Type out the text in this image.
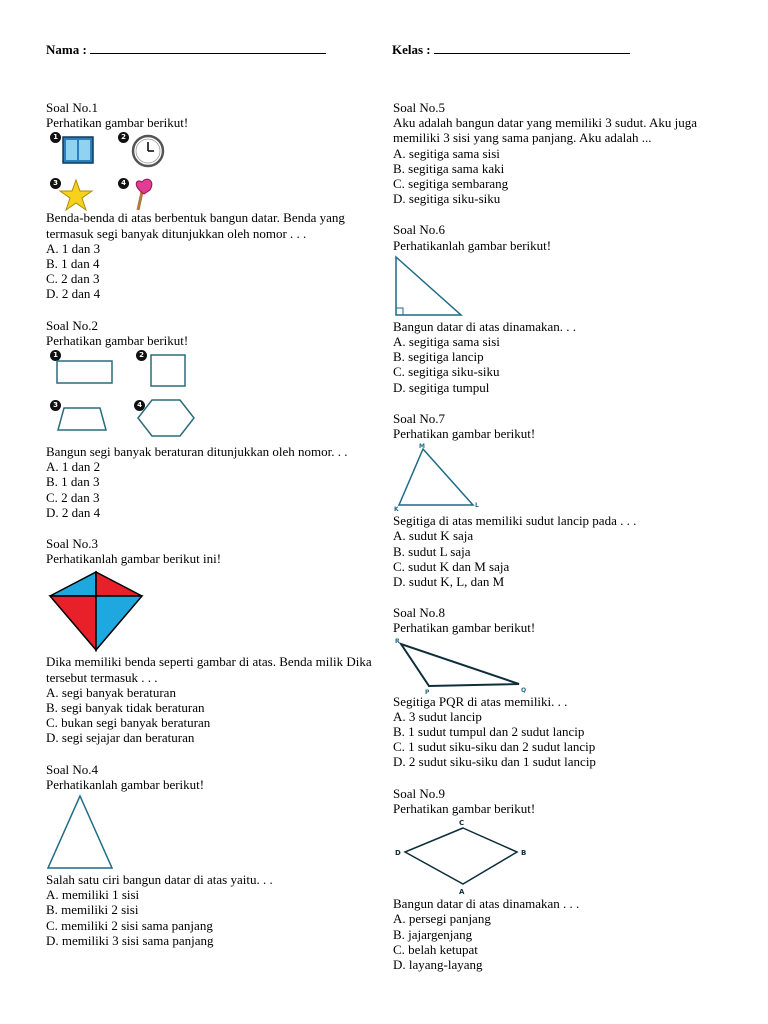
Nama :	Kelas :

Soal No.1

Perhatikan gambar berikut!

1	2
3	4

Benda-benda di atas berbentuk bangun datar. Benda yang termasuk segi banyak ditunjukkan oleh nomor . . .

A. 1 dan 3
B. 1 dan 4
C. 2 dan 3
D. 2 dan 4

Soal No.2

Perhatikan gambar berikut!

1	2
3	4

Bangun segi banyak beraturan ditunjukkan oleh nomor. . .

A. 1 dan 2
B. 1 dan 3
C. 2 dan 3
D. 2 dan 4

Soal No.3

Perhatikanlah gambar berikut ini!

Dika memiliki benda seperti gambar di atas. Benda milik Dika tersebut termasuk . . .

A. segi banyak beraturan
B. segi banyak tidak beraturan
C. bukan segi banyak beraturan
D. segi sejajar dan beraturan

Soal No.4

Perhatikanlah gambar berikut!

Salah satu ciri bangun datar di atas yaitu. . .

A. memiliki 1 sisi
B. memiliki 2 sisi
C. memiliki 2 sisi sama panjang
D. memiliki 3 sisi sama panjang

Soal No.5

Aku adalah bangun datar yang memiliki 3 sudut. Aku juga memiliki 3 sisi yang sama panjang. Aku adalah ...

A. segitiga sama sisi
B. segitiga sama kaki
C. segitiga sembarang
D. segitiga siku-siku

Soal No.6

Perhatikanlah gambar berikut!

Bangun datar di atas dinamakan. . .

A. segitiga sama sisi
B. segitiga lancip
C. segitiga siku-siku
D. segitiga tumpul

Soal No.7

Perhatikan gambar berikut!

M
K
L

Segitiga di atas memiliki sudut lancip pada . . .

A. sudut K saja
B. sudut L saja
C. sudut K dan M saja
D. sudut K, L, dan M

Soal No.8

Perhatikan gambar berikut!

R
P	Q

Segitiga PQR di atas memiliki. . .

A. 3 sudut lancip
B. 1 sudut tumpul dan 2 sudut lancip
C. 1 sudut siku-siku dan 2 sudut lancip
D. 2 sudut siku-siku dan 1 sudut lancip

Soal No.9

Perhatikan gambar berikut!

C
D	B
A

Bangun datar di atas dinamakan . . .

A. persegi panjang
B. jajargenjang
C. belah ketupat
D. layang-layang
